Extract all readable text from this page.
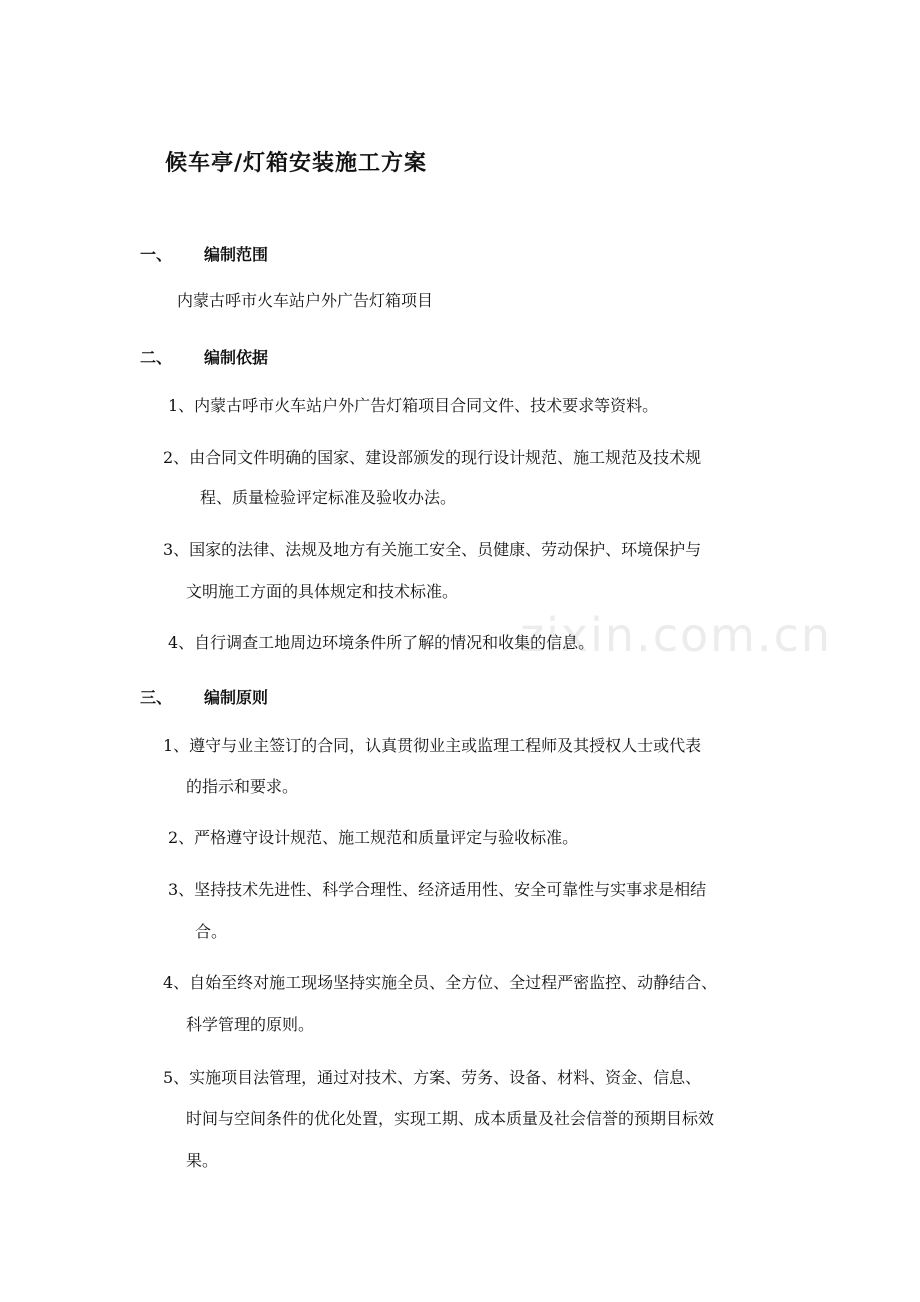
zixin.com.cn
候车亭/灯箱安装施工方案
一、 编制范围
内蒙古呼市火车站户外广告灯箱项目
二、 编制依据
1、内蒙古呼市火车站户外广告灯箱项目合同文件、技术要求等资料。
2、由合同文件明确的国家、建设部颁发的现行设计规范、施工规范及技术规
程、质量检验评定标准及验收办法。
3、国家的法律、法规及地方有关施工安全、员健康、劳动保护、环境保护与
文明施工方面的具体规定和技术标准。
4、自行调查工地周边环境条件所了解的情况和收集的信息。
三、 编制原则
1、遵守与业主签订的合同，认真贯彻业主或监理工程师及其授权人士或代表
的指示和要求。
2、严格遵守设计规范、施工规范和质量评定与验收标准。
3、坚持技术先进性、科学合理性、经济适用性、安全可靠性与实事求是相结
合。
4、自始至终对施工现场坚持实施全员、全方位、全过程严密监控、动静结合、
科学管理的原则。
5、实施项目法管理，通过对技术、方案、劳务、设备、材料、资金、信息、
时间与空间条件的优化处置，实现工期、成本质量及社会信誉的预期目标效
果。
